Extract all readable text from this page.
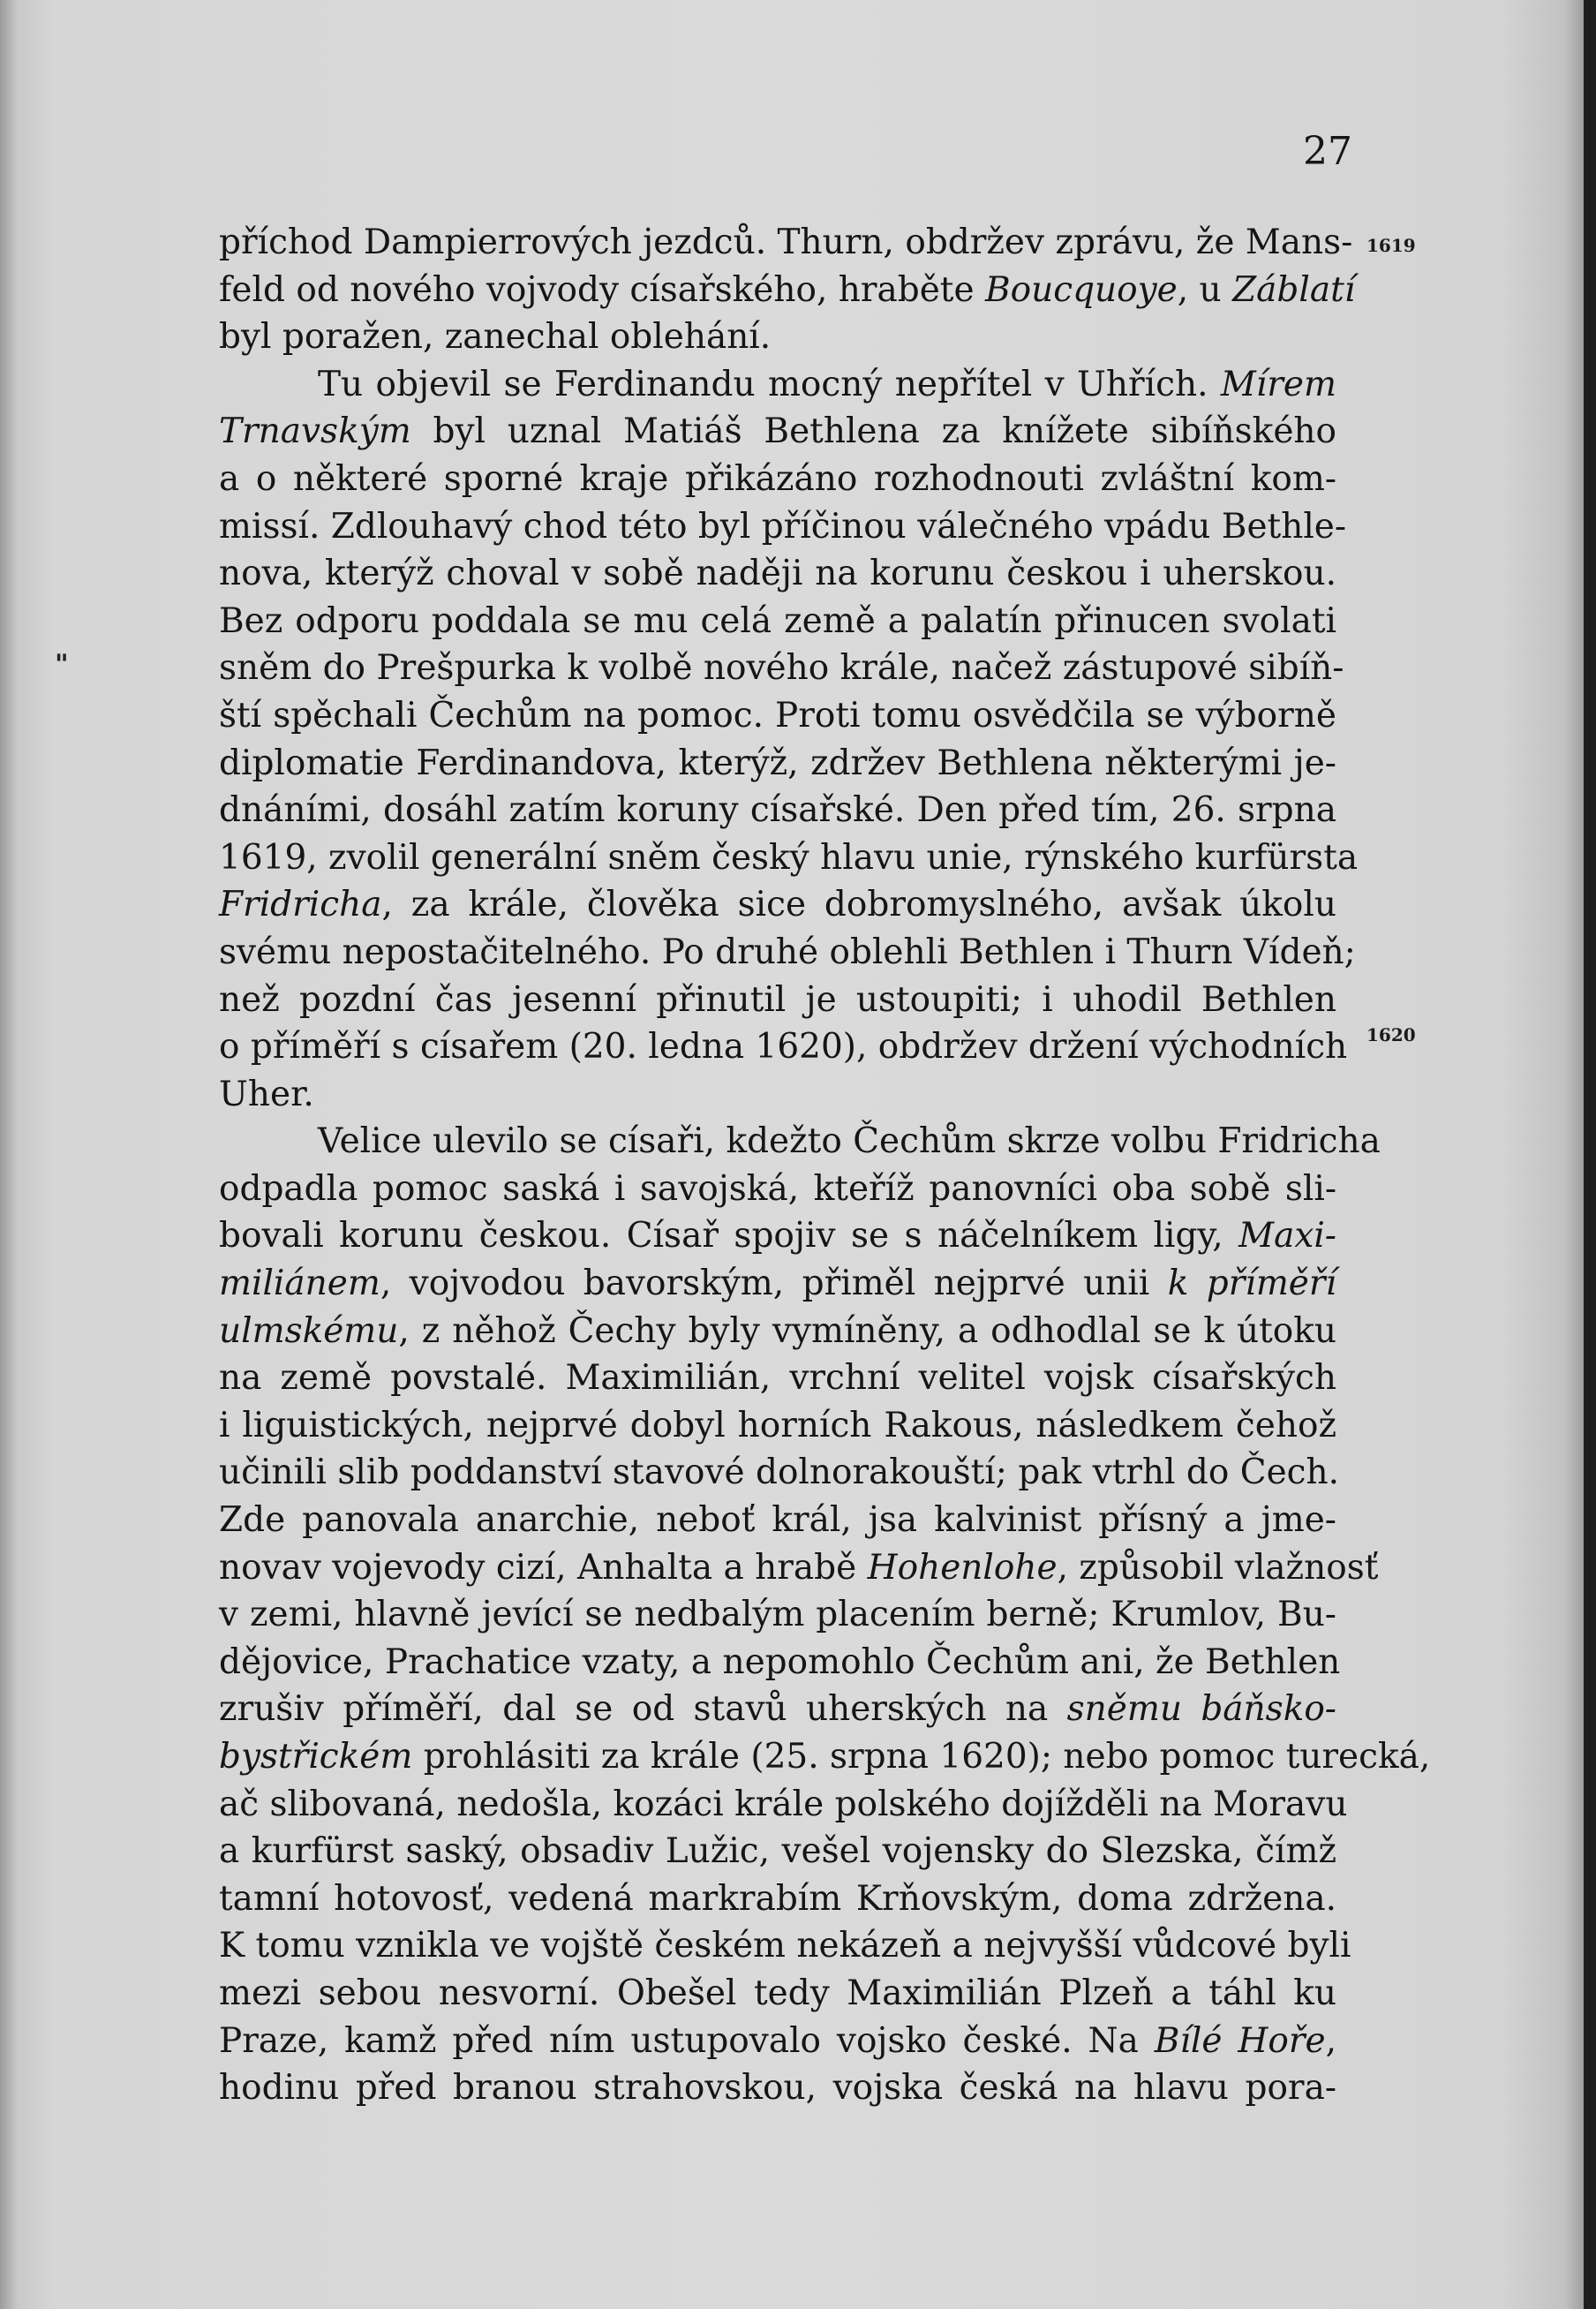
27
1619
1620
"
příchod Dampierrových jezdců. Thurn, obdržev zprávu, že Mans-
feld od nového vojvody císařského, hraběte Boucquoye, u Záblatí
byl poražen, zanechal oblehání.
Tu objevil se Ferdinandu mocný nepřítel v Uhřích. Mírem
Trnavským byl uznal Matiáš Bethlena za knížete sibíňského
a o některé sporné kraje přikázáno rozhodnouti zvláštní kom-
missí. Zdlouhavý chod této byl příčinou válečného vpádu Bethle-
nova, kterýž choval v sobě naději na korunu českou i uherskou.
Bez odporu poddala se mu celá země a palatín přinucen svolati
sněm do Prešpurka k volbě nového krále, načež zástupové sibíň-
ští spěchali Čechům na pomoc. Proti tomu osvědčila se výborně
diplomatie Ferdinandova, kterýž, zdržev Bethlena některými je-
dnáními, dosáhl zatím koruny císařské. Den před tím, 26. srpna
1619, zvolil generální sněm český hlavu unie, rýnského kurfürsta
Fridricha, za krále, člověka sice dobromyslného, avšak úkolu
svému nepostačitelného. Po druhé oblehli Bethlen i Thurn Vídeň;
než pozdní čas jesenní přinutil je ustoupiti; i uhodil Bethlen
o příměří s císařem (20. ledna 1620), obdržev držení východních
Uher.
Velice ulevilo se císaři, kdežto Čechům skrze volbu Fridricha
odpadla pomoc saská i savojská, kteříž panovníci oba sobě sli-
bovali korunu českou. Císař spojiv se s náčelníkem ligy, Maxi-
miliánem, vojvodou bavorským, přiměl nejprvé unii k příměří
ulmskému, z něhož Čechy byly vymíněny, a odhodlal se k útoku
na země povstalé. Maximilián, vrchní velitel vojsk císařských
i liguistických, nejprvé dobyl horních Rakous, následkem čehož
učinili slib poddanství stavové dolnorakouští; pak vtrhl do Čech.
Zde panovala anarchie, neboť král, jsa kalvinist přísný a jme-
novav vojevody cizí, Anhalta a hrabě Hohenlohe, způsobil vlažnosť
v zemi, hlavně jevící se nedbalým placením berně; Krumlov, Bu-
dějovice, Prachatice vzaty, a nepomohlo Čechům ani, že Bethlen
zrušiv příměří, dal se od stavů uherských na sněmu báňsko-
bystřickém prohlásiti za krále (25. srpna 1620); nebo pomoc turecká,
ač slibovaná, nedošla, kozáci krále polského dojížděli na Moravu
a kurfürst saský, obsadiv Lužic, vešel vojensky do Slezska, čímž
tamní hotovosť, vedená markrabím Krňovským, doma zdržena.
K tomu vznikla ve vojště českém nekázeň a nejvyšší vůdcové byli
mezi sebou nesvorní. Obešel tedy Maximilián Plzeň a táhl ku
Praze, kamž před ním ustupovalo vojsko české. Na Bílé Hoře,
hodinu před branou strahovskou, vojska česká na hlavu pora-
